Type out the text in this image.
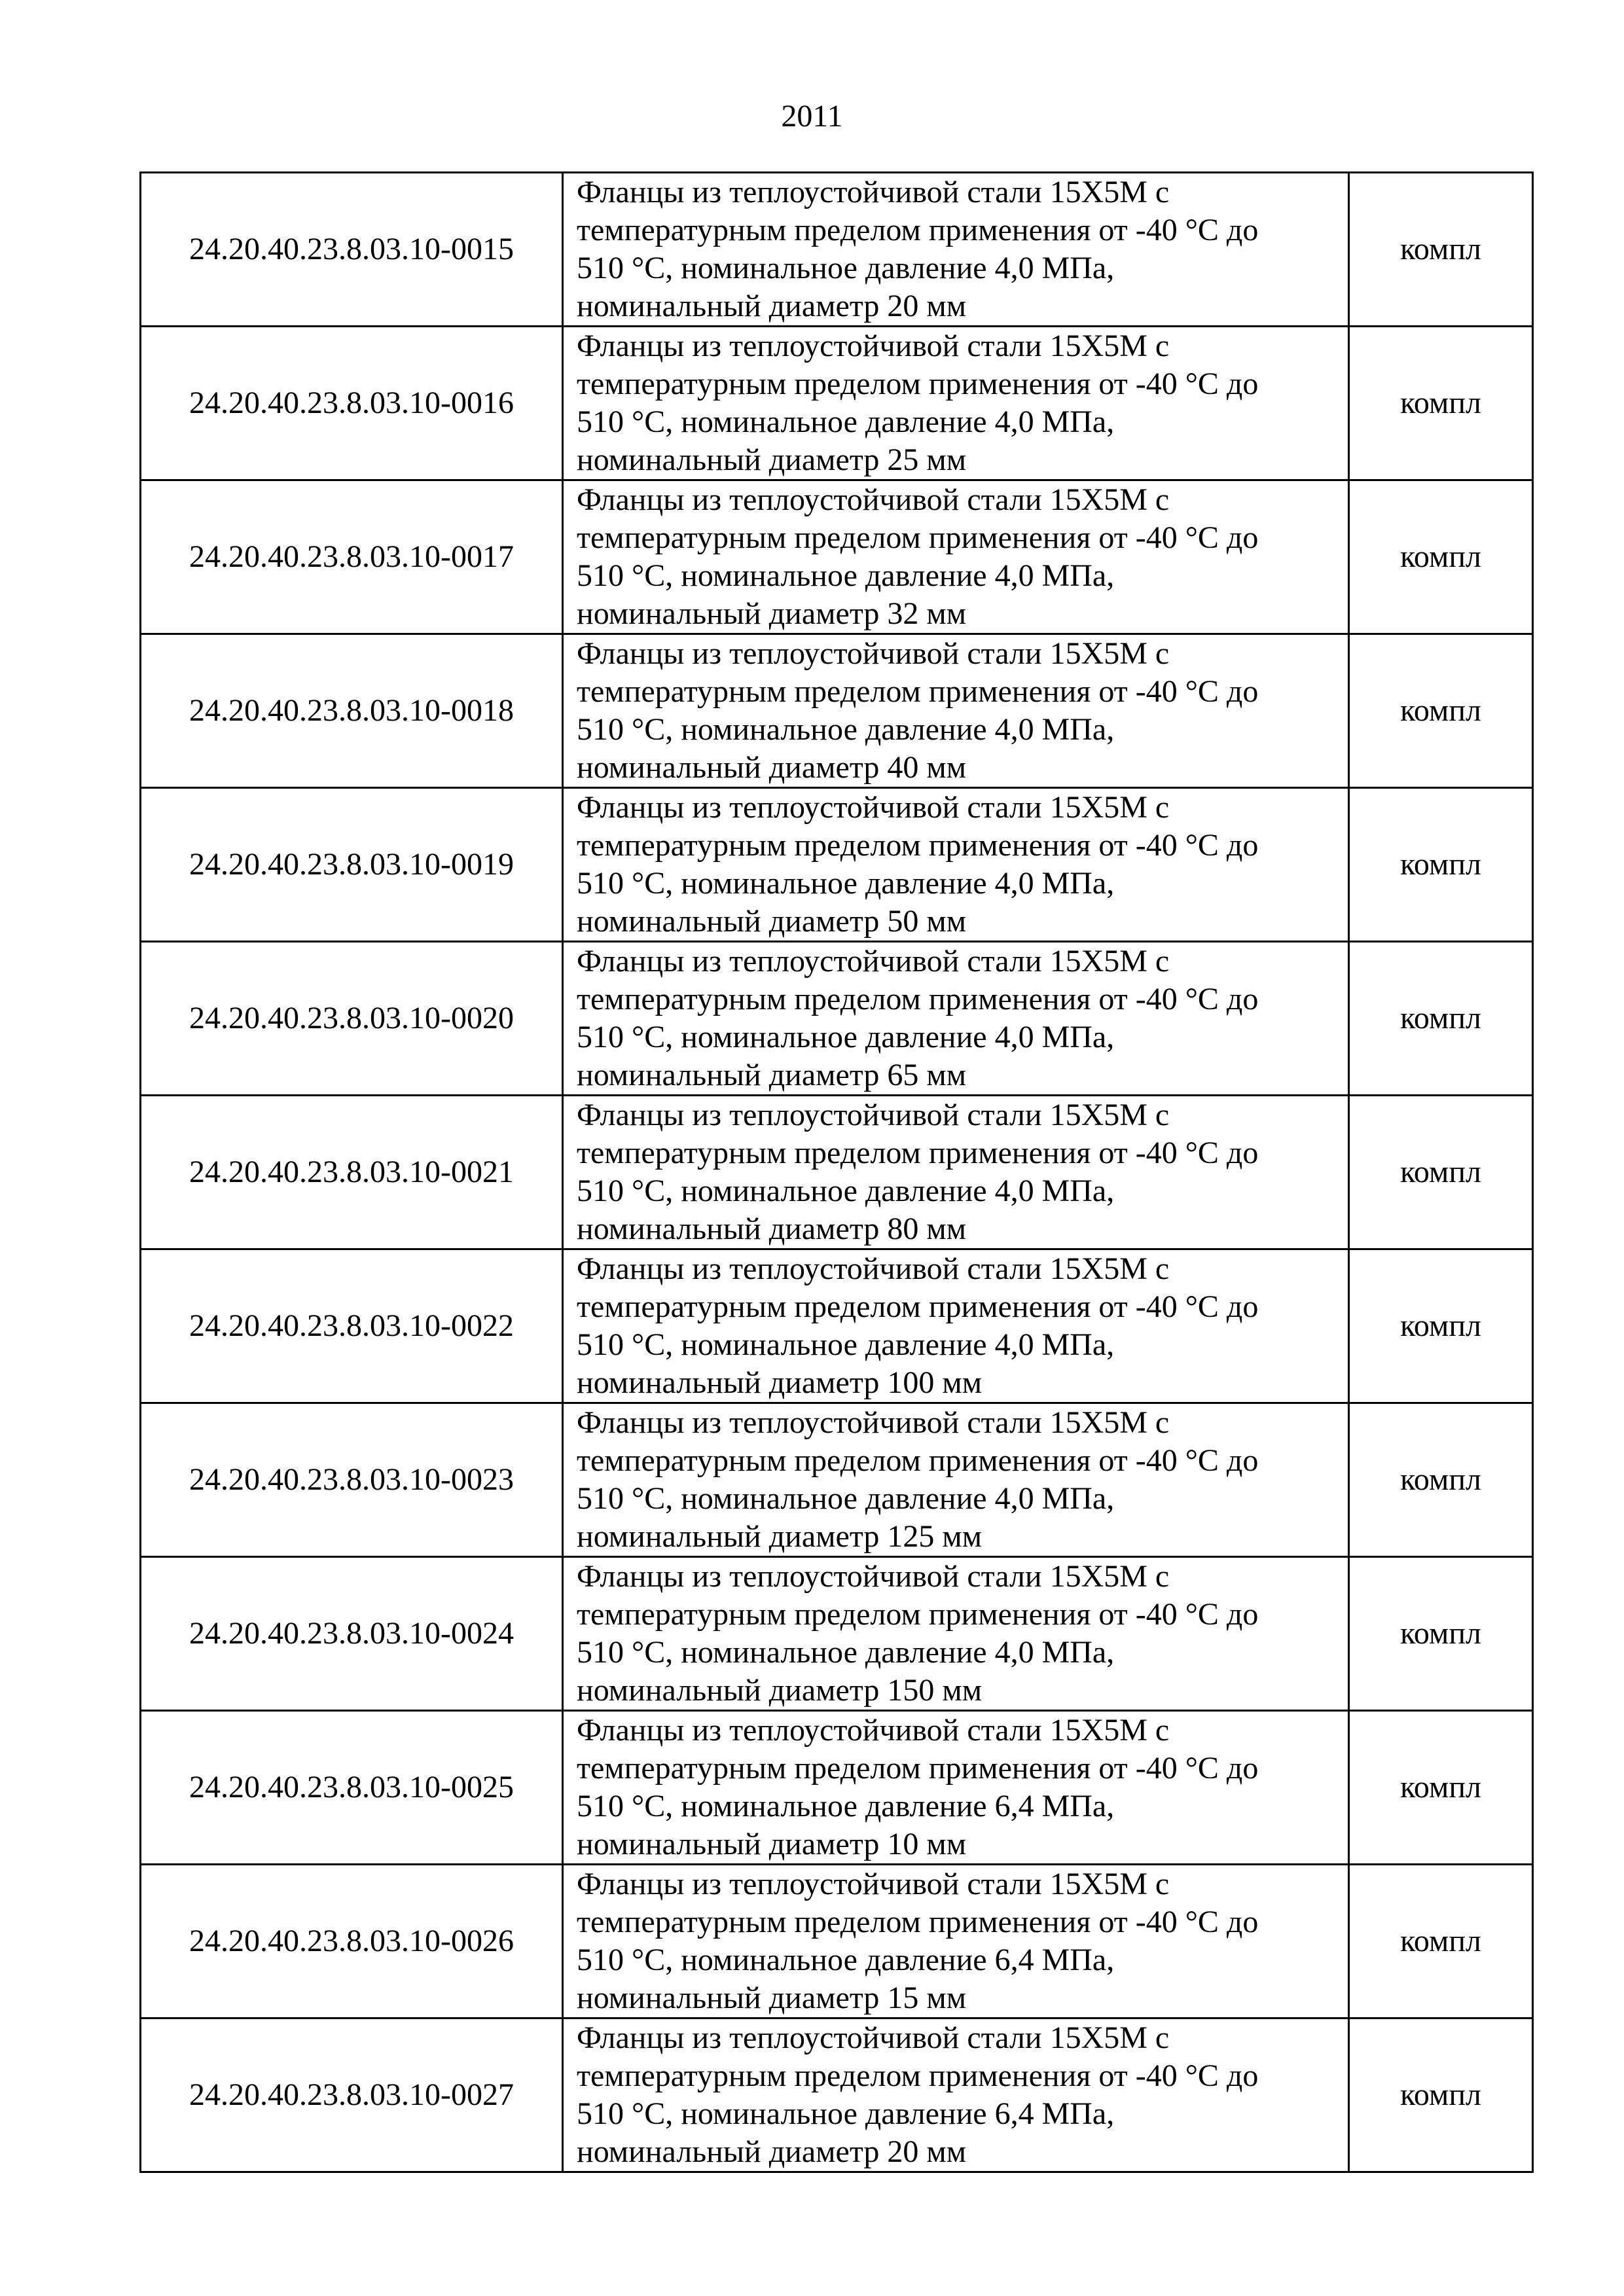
2011
24.20.40.23.8.03.10-0015	Фланцы из теплоустойчивой стали 15Х5М с
температурным пределом применения от -40 °С до
510 °С, номинальное давление 4,0 МПа,
номинальный диаметр 20 мм	компл
24.20.40.23.8.03.10-0016	Фланцы из теплоустойчивой стали 15Х5М с
температурным пределом применения от -40 °С до
510 °С, номинальное давление 4,0 МПа,
номинальный диаметр 25 мм	компл
24.20.40.23.8.03.10-0017	Фланцы из теплоустойчивой стали 15Х5М с
температурным пределом применения от -40 °С до
510 °С, номинальное давление 4,0 МПа,
номинальный диаметр 32 мм	компл
24.20.40.23.8.03.10-0018	Фланцы из теплоустойчивой стали 15Х5М с
температурным пределом применения от -40 °С до
510 °С, номинальное давление 4,0 МПа,
номинальный диаметр 40 мм	компл
24.20.40.23.8.03.10-0019	Фланцы из теплоустойчивой стали 15Х5М с
температурным пределом применения от -40 °С до
510 °С, номинальное давление 4,0 МПа,
номинальный диаметр 50 мм	компл
24.20.40.23.8.03.10-0020	Фланцы из теплоустойчивой стали 15Х5М с
температурным пределом применения от -40 °С до
510 °С, номинальное давление 4,0 МПа,
номинальный диаметр 65 мм	компл
24.20.40.23.8.03.10-0021	Фланцы из теплоустойчивой стали 15Х5М с
температурным пределом применения от -40 °С до
510 °С, номинальное давление 4,0 МПа,
номинальный диаметр 80 мм	компл
24.20.40.23.8.03.10-0022	Фланцы из теплоустойчивой стали 15Х5М с
температурным пределом применения от -40 °С до
510 °С, номинальное давление 4,0 МПа,
номинальный диаметр 100 мм	компл
24.20.40.23.8.03.10-0023	Фланцы из теплоустойчивой стали 15Х5М с
температурным пределом применения от -40 °С до
510 °С, номинальное давление 4,0 МПа,
номинальный диаметр 125 мм	компл
24.20.40.23.8.03.10-0024	Фланцы из теплоустойчивой стали 15Х5М с
температурным пределом применения от -40 °С до
510 °С, номинальное давление 4,0 МПа,
номинальный диаметр 150 мм	компл
24.20.40.23.8.03.10-0025	Фланцы из теплоустойчивой стали 15Х5М с
температурным пределом применения от -40 °С до
510 °С, номинальное давление 6,4 МПа,
номинальный диаметр 10 мм	компл
24.20.40.23.8.03.10-0026	Фланцы из теплоустойчивой стали 15Х5М с
температурным пределом применения от -40 °С до
510 °С, номинальное давление 6,4 МПа,
номинальный диаметр 15 мм	компл
24.20.40.23.8.03.10-0027	Фланцы из теплоустойчивой стали 15Х5М с
температурным пределом применения от -40 °С до
510 °С, номинальное давление 6,4 МПа,
номинальный диаметр 20 мм	компл
